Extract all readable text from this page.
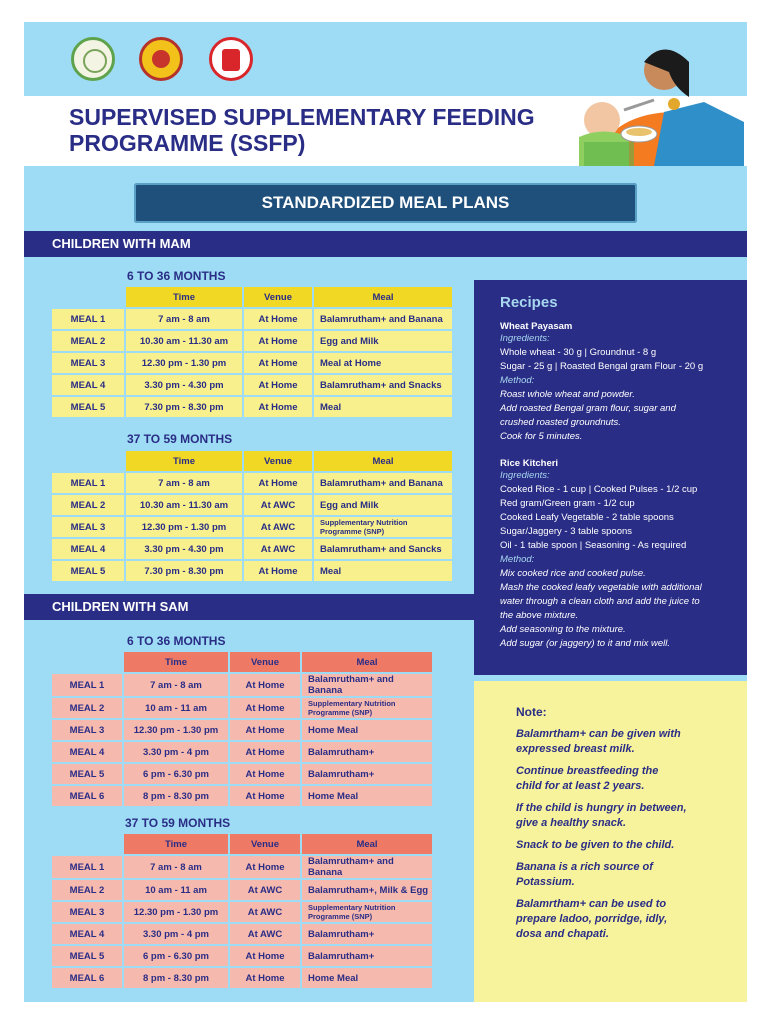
SUPERVISED SUPPLEMENTARY FEEDING
PROGRAMME (SSFP)
STANDARDIZED MEAL PLANS
CHILDREN WITH MAM
6 TO 36 MONTHS
	Time	Venue	Meal
MEAL 1	7 am - 8 am	At Home	Balamrutham+ and Banana
MEAL 2	10.30 am - 11.30 am	At Home	Egg and Milk
MEAL 3	12.30 pm - 1.30 pm	At Home	Meal at Home
MEAL 4	3.30 pm - 4.30 pm	At Home	Balamrutham+ and Snacks
MEAL 5	7.30 pm - 8.30 pm	At Home	Meal
37 TO 59 MONTHS
	Time	Venue	Meal
MEAL 1	7 am - 8 am	At Home	Balamrutham+ and Banana
MEAL 2	10.30 am - 11.30 am	At AWC	Egg and Milk
MEAL 3	12.30 pm - 1.30 pm	At AWC	Supplementary Nutrition Programme (SNP)
MEAL 4	3.30 pm - 4.30 pm	At AWC	Balamrutham+ and Sancks
MEAL 5	7.30 pm - 8.30 pm	At Home	Meal
CHILDREN WITH SAM
6 TO 36 MONTHS
	Time	Venue	Meal
MEAL 1	7 am - 8 am	At Home	Balamrutham+ and Banana
MEAL 2	10 am - 11 am	At Home	Supplementary Nutrition Programme (SNP)
MEAL 3	12.30 pm - 1.30 pm	At Home	Home Meal
MEAL 4	3.30 pm - 4 pm	At Home	Balamrutham+
MEAL 5	6 pm - 6.30 pm	At Home	Balamrutham+
MEAL 6	8 pm - 8.30 pm	At Home	Home Meal
37 TO 59 MONTHS
	Time	Venue	Meal
MEAL 1	7 am - 8 am	At Home	Balamrutham+ and Banana
MEAL 2	10 am - 11 am	At AWC	Balamrutham+, Milk & Egg
MEAL 3	12.30 pm - 1.30 pm	At AWC	Supplementary Nutrition Programme (SNP)
MEAL 4	3.30 pm - 4 pm	At AWC	Balamrutham+
MEAL 5	6 pm - 6.30 pm	At Home	Balamrutham+
MEAL 6	8 pm - 8.30 pm	At Home	Home Meal
Recipes
Wheat Payasam
Ingredients:
Whole wheat - 30 g | Groundnut - 8 g
Sugar - 25 g | Roasted Bengal gram Flour - 20 g
Method:
Roast whole wheat and powder.
Add roasted Bengal gram flour, sugar and
crushed roasted groundnuts.
Cook for 5 minutes.
Rice Kitcheri
Ingredients:
Cooked Rice - 1 cup | Cooked Pulses - 1/2 cup
Red gram/Green gram - 1/2 cup
Cooked Leafy Vegetable - 2 table spoons
Sugar/Jaggery - 3 table spoons
Oil - 1 table spoon | Seasoning - As required
Method:
Mix cooked rice and cooked pulse.
Mash the cooked leafy vegetable with additional
water through a clean cloth and add the juice to
the above mixture.
Add seasoning to the mixture.
Add sugar (or jaggery) to it and mix well.
Note:
Balamrtham+ can be given with expressed breast milk.
Continue breastfeeding the child for at least 2 years.
If the child is hungry in between, give a healthy snack.
Snack to be given to the child.
Banana is a rich source of Potassium.
Balamrtham+ can be used to prepare ladoo, porridge, idly, dosa and chapati.
